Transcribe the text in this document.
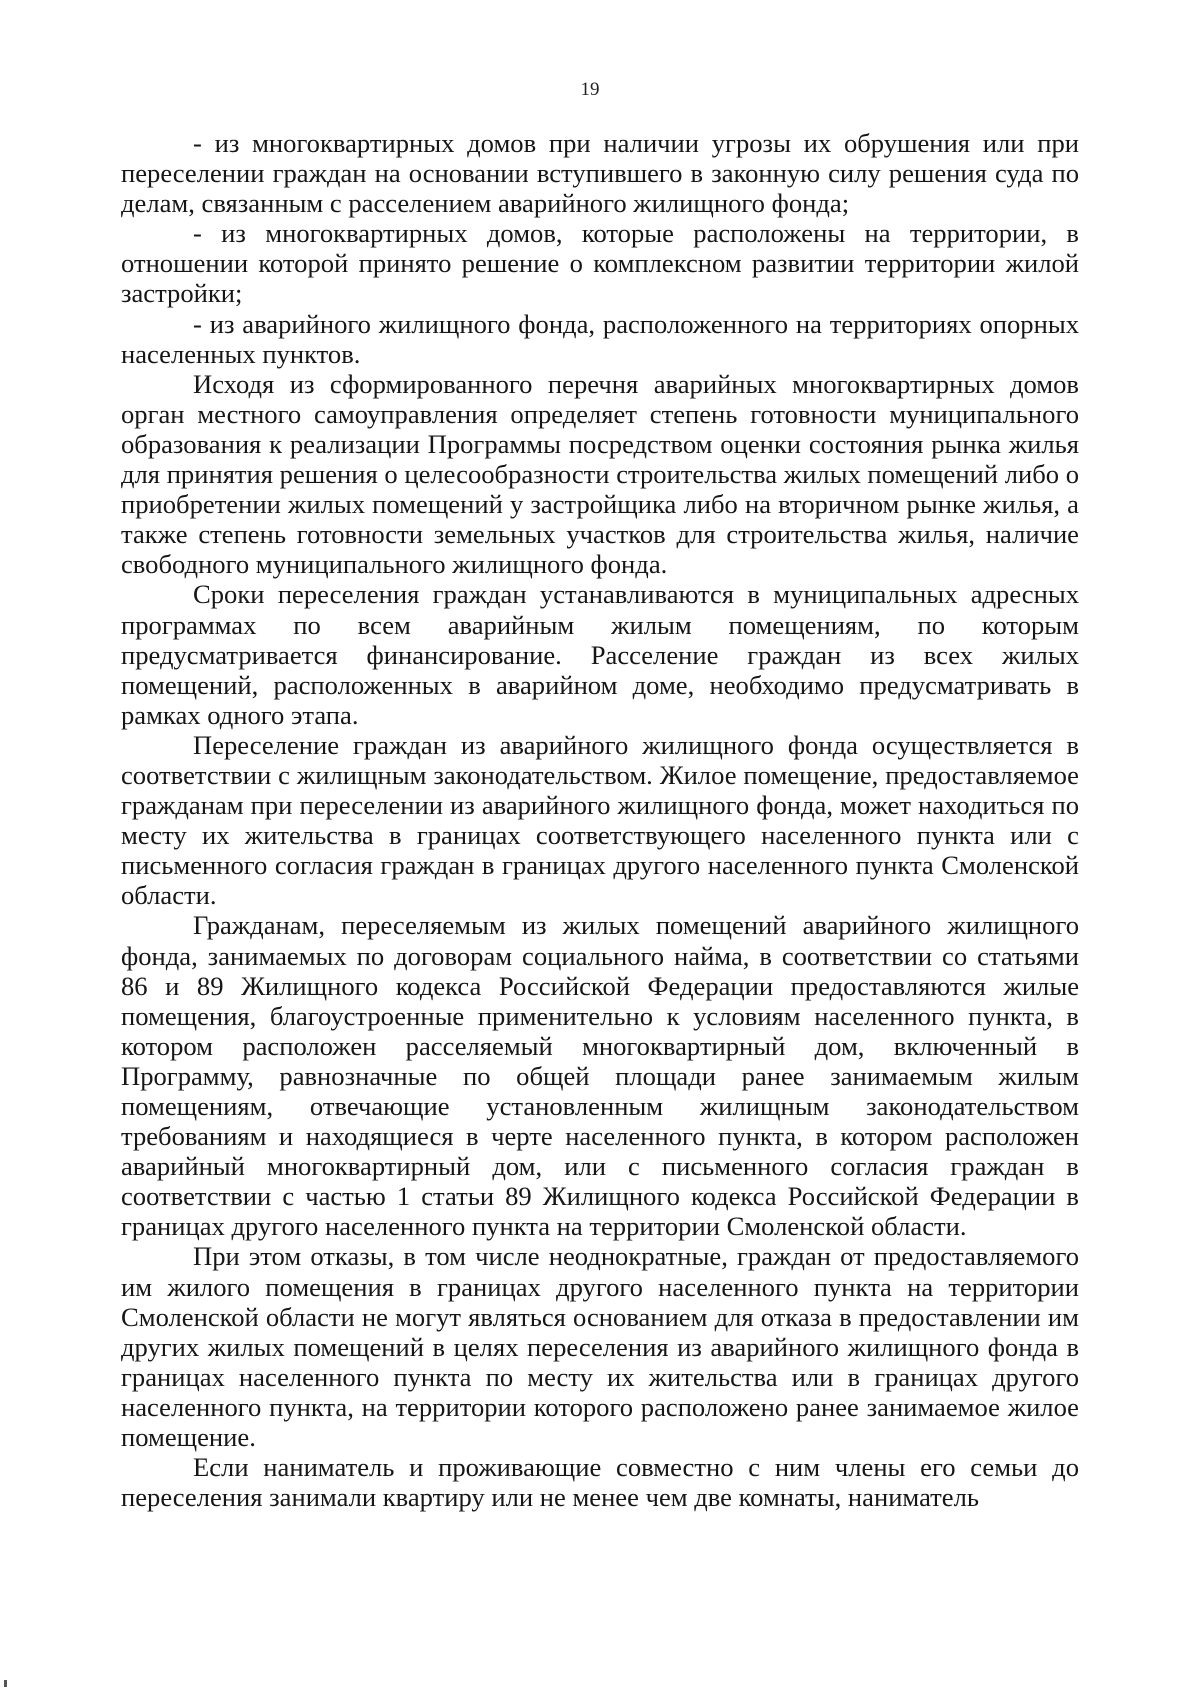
19

- из многоквартирных домов при наличии угрозы их обрушения или при переселении граждан на основании вступившего в законную силу решения суда по делам, связанным с расселением аварийного жилищного фонда;

- из многоквартирных домов, которые расположены на территории, в отношении которой принято решение о комплексном развитии территории жилой застройки;

- из аварийного жилищного фонда, расположенного на территориях опорных населенных пунктов.

Исходя из сформированного перечня аварийных многоквартирных домов орган местного самоуправления определяет степень готовности муниципального образования к реализации Программы посредством оценки состояния рынка жилья для принятия решения о целесообразности строительства жилых помещений либо о приобретении жилых помещений у застройщика либо на вторичном рынке жилья, а также степень готовности земельных участков для строительства жилья, наличие свободного муниципального жилищного фонда.

Сроки переселения граждан устанавливаются в муниципальных адресных программах по всем аварийным жилым помещениям, по которым предусматривается финансирование. Расселение граждан из всех жилых помещений, расположенных в аварийном доме, необходимо предусматривать в рамках одного этапа.

Переселение граждан из аварийного жилищного фонда осуществляется в соответствии с жилищным законодательством. Жилое помещение, предоставляемое гражданам при переселении из аварийного жилищного фонда, может находиться по месту их жительства в границах соответствующего населенного пункта или с письменного согласия граждан в границах другого населенного пункта Смоленской области.

Гражданам, переселяемым из жилых помещений аварийного жилищного фонда, занимаемых по договорам социального найма, в соответствии со статьями 86 и 89 Жилищного кодекса Российской Федерации предоставляются жилые помещения, благоустроенные применительно к условиям населенного пункта, в котором расположен расселяемый многоквартирный дом, включенный в Программу, равнозначные по общей площади ранее занимаемым жилым помещениям, отвечающие установленным жилищным законодательством требованиям и находящиеся в черте населенного пункта, в котором расположен аварийный многоквартирный дом, или с письменного согласия граждан в соответствии с частью 1 статьи 89 Жилищного кодекса Российской Федерации в границах другого населенного пункта на территории Смоленской области.

При этом отказы, в том числе неоднократные, граждан от предоставляемого им жилого помещения в границах другого населенного пункта на территории Смоленской области не могут являться основанием для отказа в предоставлении им других жилых помещений в целях переселения из аварийного жилищного фонда в границах населенного пункта по месту их жительства или в границах другого населенного пункта, на территории которого расположено ранее занимаемое жилое помещение.

Если наниматель и проживающие совместно с ним члены его семьи до переселения занимали квартиру или не менее чем две комнаты, наниматель
